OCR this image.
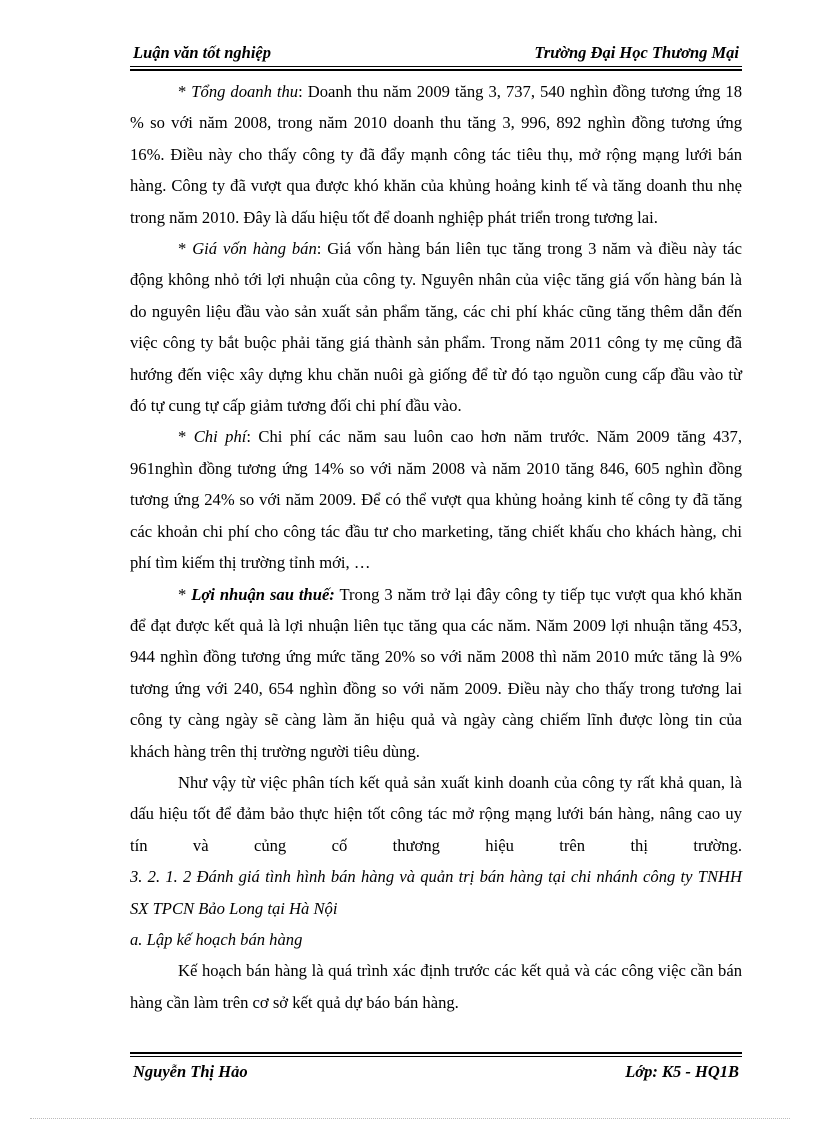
Luận văn tốt nghiệp	Trường Đại Học Thương Mại

* Tổng doanh thu: Doanh thu năm 2009 tăng 3, 737, 540 nghìn đồng tương ứng 18 % so với năm 2008, trong năm 2010 doanh thu tăng 3, 996, 892 nghìn đồng tương ứng 16%. Điều này cho thấy công ty đã đẩy mạnh công tác tiêu thụ, mở rộng mạng lưới bán hàng. Công ty đã vượt qua được khó khăn của khủng hoảng kinh tế và tăng doanh thu nhẹ trong năm 2010. Đây là dấu hiệu tốt để doanh nghiệp phát triển trong tương lai.

* Giá vốn hàng bán: Giá vốn hàng bán liên tục tăng trong 3 năm và điều này tác động không nhỏ tới lợi nhuận của công ty. Nguyên nhân của việc tăng giá vốn hàng bán là do nguyên liệu đầu vào sản xuất sản phẩm tăng, các chi phí khác cũng tăng thêm dẫn đến việc công ty bắt buộc phải tăng giá thành sản phẩm. Trong năm 2011 công ty mẹ cũng đã hướng đến việc xây dựng khu chăn nuôi gà giống để từ đó tạo nguồn cung cấp đầu vào từ đó tự cung tự cấp giảm tương đối chi phí đầu vào.

* Chi phí: Chi phí các năm sau luôn cao hơn năm trước. Năm 2009 tăng 437, 961nghìn đồng tương ứng 14% so với năm 2008 và năm 2010 tăng 846, 605 nghìn đồng tương ứng 24% so với năm 2009. Để có thể vượt qua khủng hoảng kinh tế công ty đã tăng các khoản chi phí cho công tác đầu tư cho marketing, tăng chiết khấu cho khách hàng, chi phí tìm kiếm thị trường tỉnh mới, …

* Lợi nhuận sau thuế: Trong 3 năm trở lại đây công ty tiếp tục vượt qua khó khăn để đạt được kết quả là lợi nhuận liên tục tăng qua các năm. Năm 2009 lợi nhuận tăng 453, 944 nghìn đồng tương ứng mức tăng 20% so với năm 2008 thì năm 2010 mức tăng là 9% tương ứng với 240, 654 nghìn đồng so với năm 2009. Điều này cho thấy trong tương lai công ty càng ngày sẽ càng làm ăn hiệu quả và ngày càng chiếm lĩnh được lòng tin của khách hàng trên thị trường người tiêu dùng.

Như vậy từ việc phân tích kết quả sản xuất kinh doanh của công ty rất khả quan, là dấu hiệu tốt để đảm bảo thực hiện tốt công tác mở rộng mạng lưới bán hàng, nâng cao uy tín và củng cố thương hiệu trên thị trường.

3. 2. 1. 2 Đánh giá tình hình bán hàng và quản trị bán hàng tại chi nhánh công ty TNHH SX TPCN Bảo Long tại Hà Nội

a. Lập kế hoạch bán hàng

Kế hoạch bán hàng là quá trình xác định trước các kết quả và các công việc cần bán hàng cần làm trên cơ sở kết quả dự báo bán hàng.

Nguyễn Thị Hảo	Lớp: K5 - HQ1B
